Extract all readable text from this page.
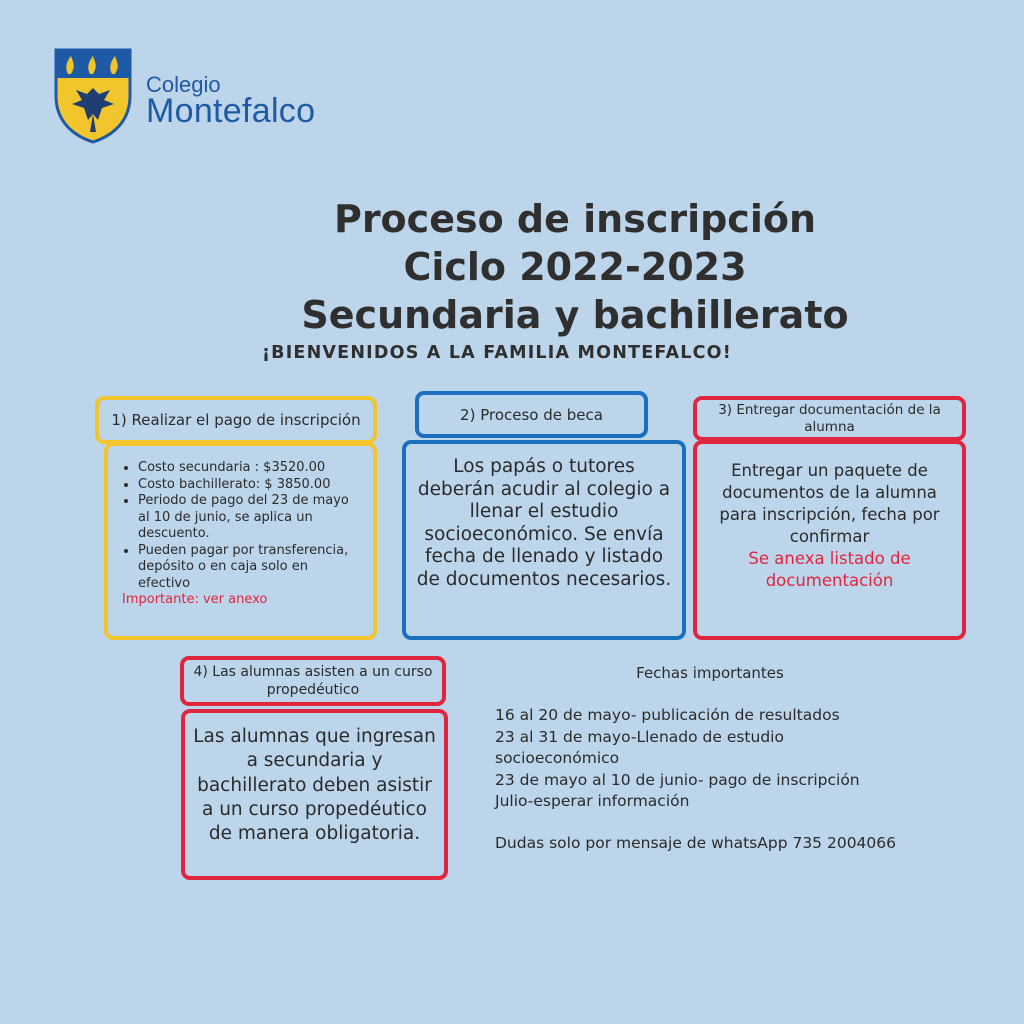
Colegio
Montefalco
Proceso de inscripción
Ciclo 2022-2023
Secundaria y bachillerato
¡BIENVENIDOS A LA FAMILIA MONTEFALCO!
1) Realizar el pago de inscripción
• Costo secundaria : $3520.00
• Costo bachillerato: $ 3850.00
• Periodo de pago del 23 de mayo al 10 de junio, se aplica un descuento.
• Pueden pagar por transferencia, depósito o en caja solo en efectivo
Importante: ver anexo
2) Proceso de beca
Los papás o tutores deberán acudir al colegio a llenar el estudio socioeconómico. Se envía fecha de llenado y listado de documentos necesarios.
3) Entregar documentación de la alumna
Entregar un paquete de documentos de la alumna para inscripción, fecha por confirmar
Se anexa listado de documentación
4) Las alumnas asisten a un curso propedéutico
Las alumnas que ingresan a secundaria y bachillerato deben asistir a un curso propedéutico de manera obligatoria.
Fechas importantes
16 al 20 de mayo- publicación de resultados
23 al 31 de mayo-Llenado de estudio
socioeconómico
23 de mayo al 10 de junio- pago de inscripción
Julio-esperar información
Dudas solo por mensaje de whatsApp 735 2004066
